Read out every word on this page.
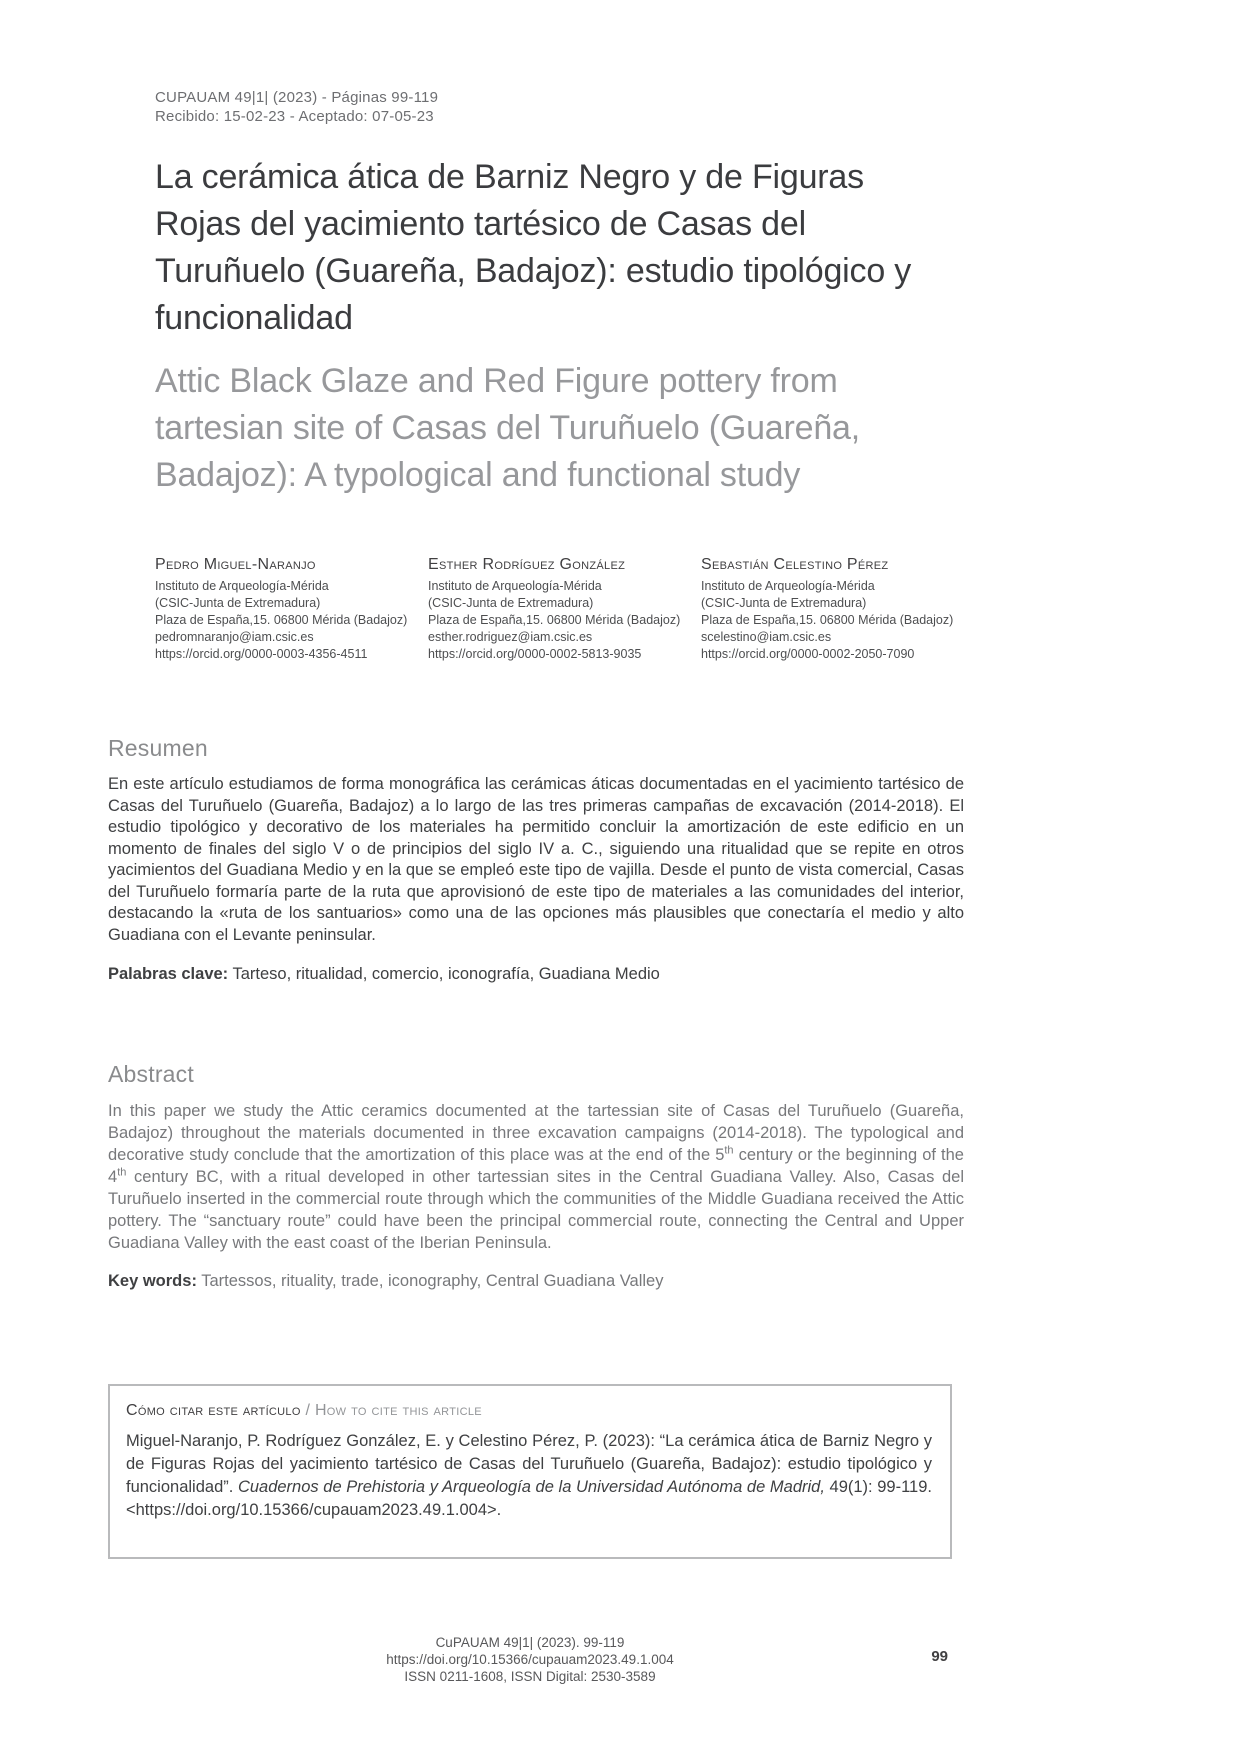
CUPAUAM 49|1| (2023) - Páginas 99-119
Recibido: 15-02-23 - Aceptado: 07-05-23
La cerámica ática de Barniz Negro y de Figuras Rojas del yacimiento tartésico de Casas del Turuñuelo (Guareña, Badajoz): estudio tipológico y funcionalidad
Attic Black Glaze and Red Figure pottery from tartesian site of Casas del Turuñuelo (Guareña, Badajoz): A typological and functional study
Pedro Miguel-Naranjo
Instituto de Arqueología-Mérida
(CSIC-Junta de Extremadura)
Plaza de España,15. 06800 Mérida (Badajoz)
pedromnaranjo@iam.csic.es
https://orcid.org/0000-0003-4356-4511
Esther Rodríguez González
Instituto de Arqueología-Mérida
(CSIC-Junta de Extremadura)
Plaza de España,15. 06800 Mérida (Badajoz)
esther.rodriguez@iam.csic.es
https://orcid.org/0000-0002-5813-9035
Sebastián Celestino Pérez
Instituto de Arqueología-Mérida
(CSIC-Junta de Extremadura)
Plaza de España,15. 06800 Mérida (Badajoz)
scelestino@iam.csic.es
https://orcid.org/0000-0002-2050-7090
Resumen

En este artículo estudiamos de forma monográfica las cerámicas áticas documentadas en el yacimiento tartésico de Casas del Turuñuelo (Guareña, Badajoz) a lo largo de las tres primeras campañas de excavación (2014-2018). El estudio tipológico y decorativo de los materiales ha permitido concluir la amortización de este edificio en un momento de finales del siglo V o de principios del siglo IV a. C., siguiendo una ritualidad que se repite en otros yacimientos del Guadiana Medio y en la que se empleó este tipo de vajilla. Desde el punto de vista comercial, Casas del Turuñuelo formaría parte de la ruta que aprovisionó de este tipo de materiales a las comunidades del interior, destacando la «ruta de los santuarios» como una de las opciones más plausibles que conectaría el medio y alto Guadiana con el Levante peninsular.

Palabras clave: Tarteso, ritualidad, comercio, iconografía, Guadiana Medio

Abstract

In this paper we study the Attic ceramics documented at the tartessian site of Casas del Turuñuelo (Guareña, Badajoz) throughout the materials documented in three excavation campaigns (2014-2018). The typological and decorative study conclude that the amortization of this place was at the end of the 5th century or the beginning of the 4th century BC, with a ritual developed in other tartessian sites in the Central Guadiana Valley. Also, Casas del Turuñuelo inserted in the commercial route through which the communities of the Middle Guadiana received the Attic pottery. The “sanctuary route” could have been the principal commercial route, connecting the Central and Upper Guadiana Valley with the east coast of the Iberian Peninsula.

Key words: Tartessos, rituality, trade, iconography, Central Guadiana Valley

Cómo citar este artículo / How to cite this article

Miguel-Naranjo, P. Rodríguez González, E. y Celestino Pérez, P. (2023): “La cerámica ática de Barniz Negro y de Figuras Rojas del yacimiento tartésico de Casas del Turuñuelo (Guareña, Badajoz): estudio tipológico y funcionalidad”. Cuadernos de Prehistoria y Arqueología de la Universidad Autónoma de Madrid, 49(1): 99-119. <https://doi.org/10.15366/cupauam2023.49.1.004>.

CuPAUAM 49|1| (2023). 99-119
https://doi.org/10.15366/cupauam2023.49.1.004
ISSN 0211-1608, ISSN Digital: 2530-3589
99
